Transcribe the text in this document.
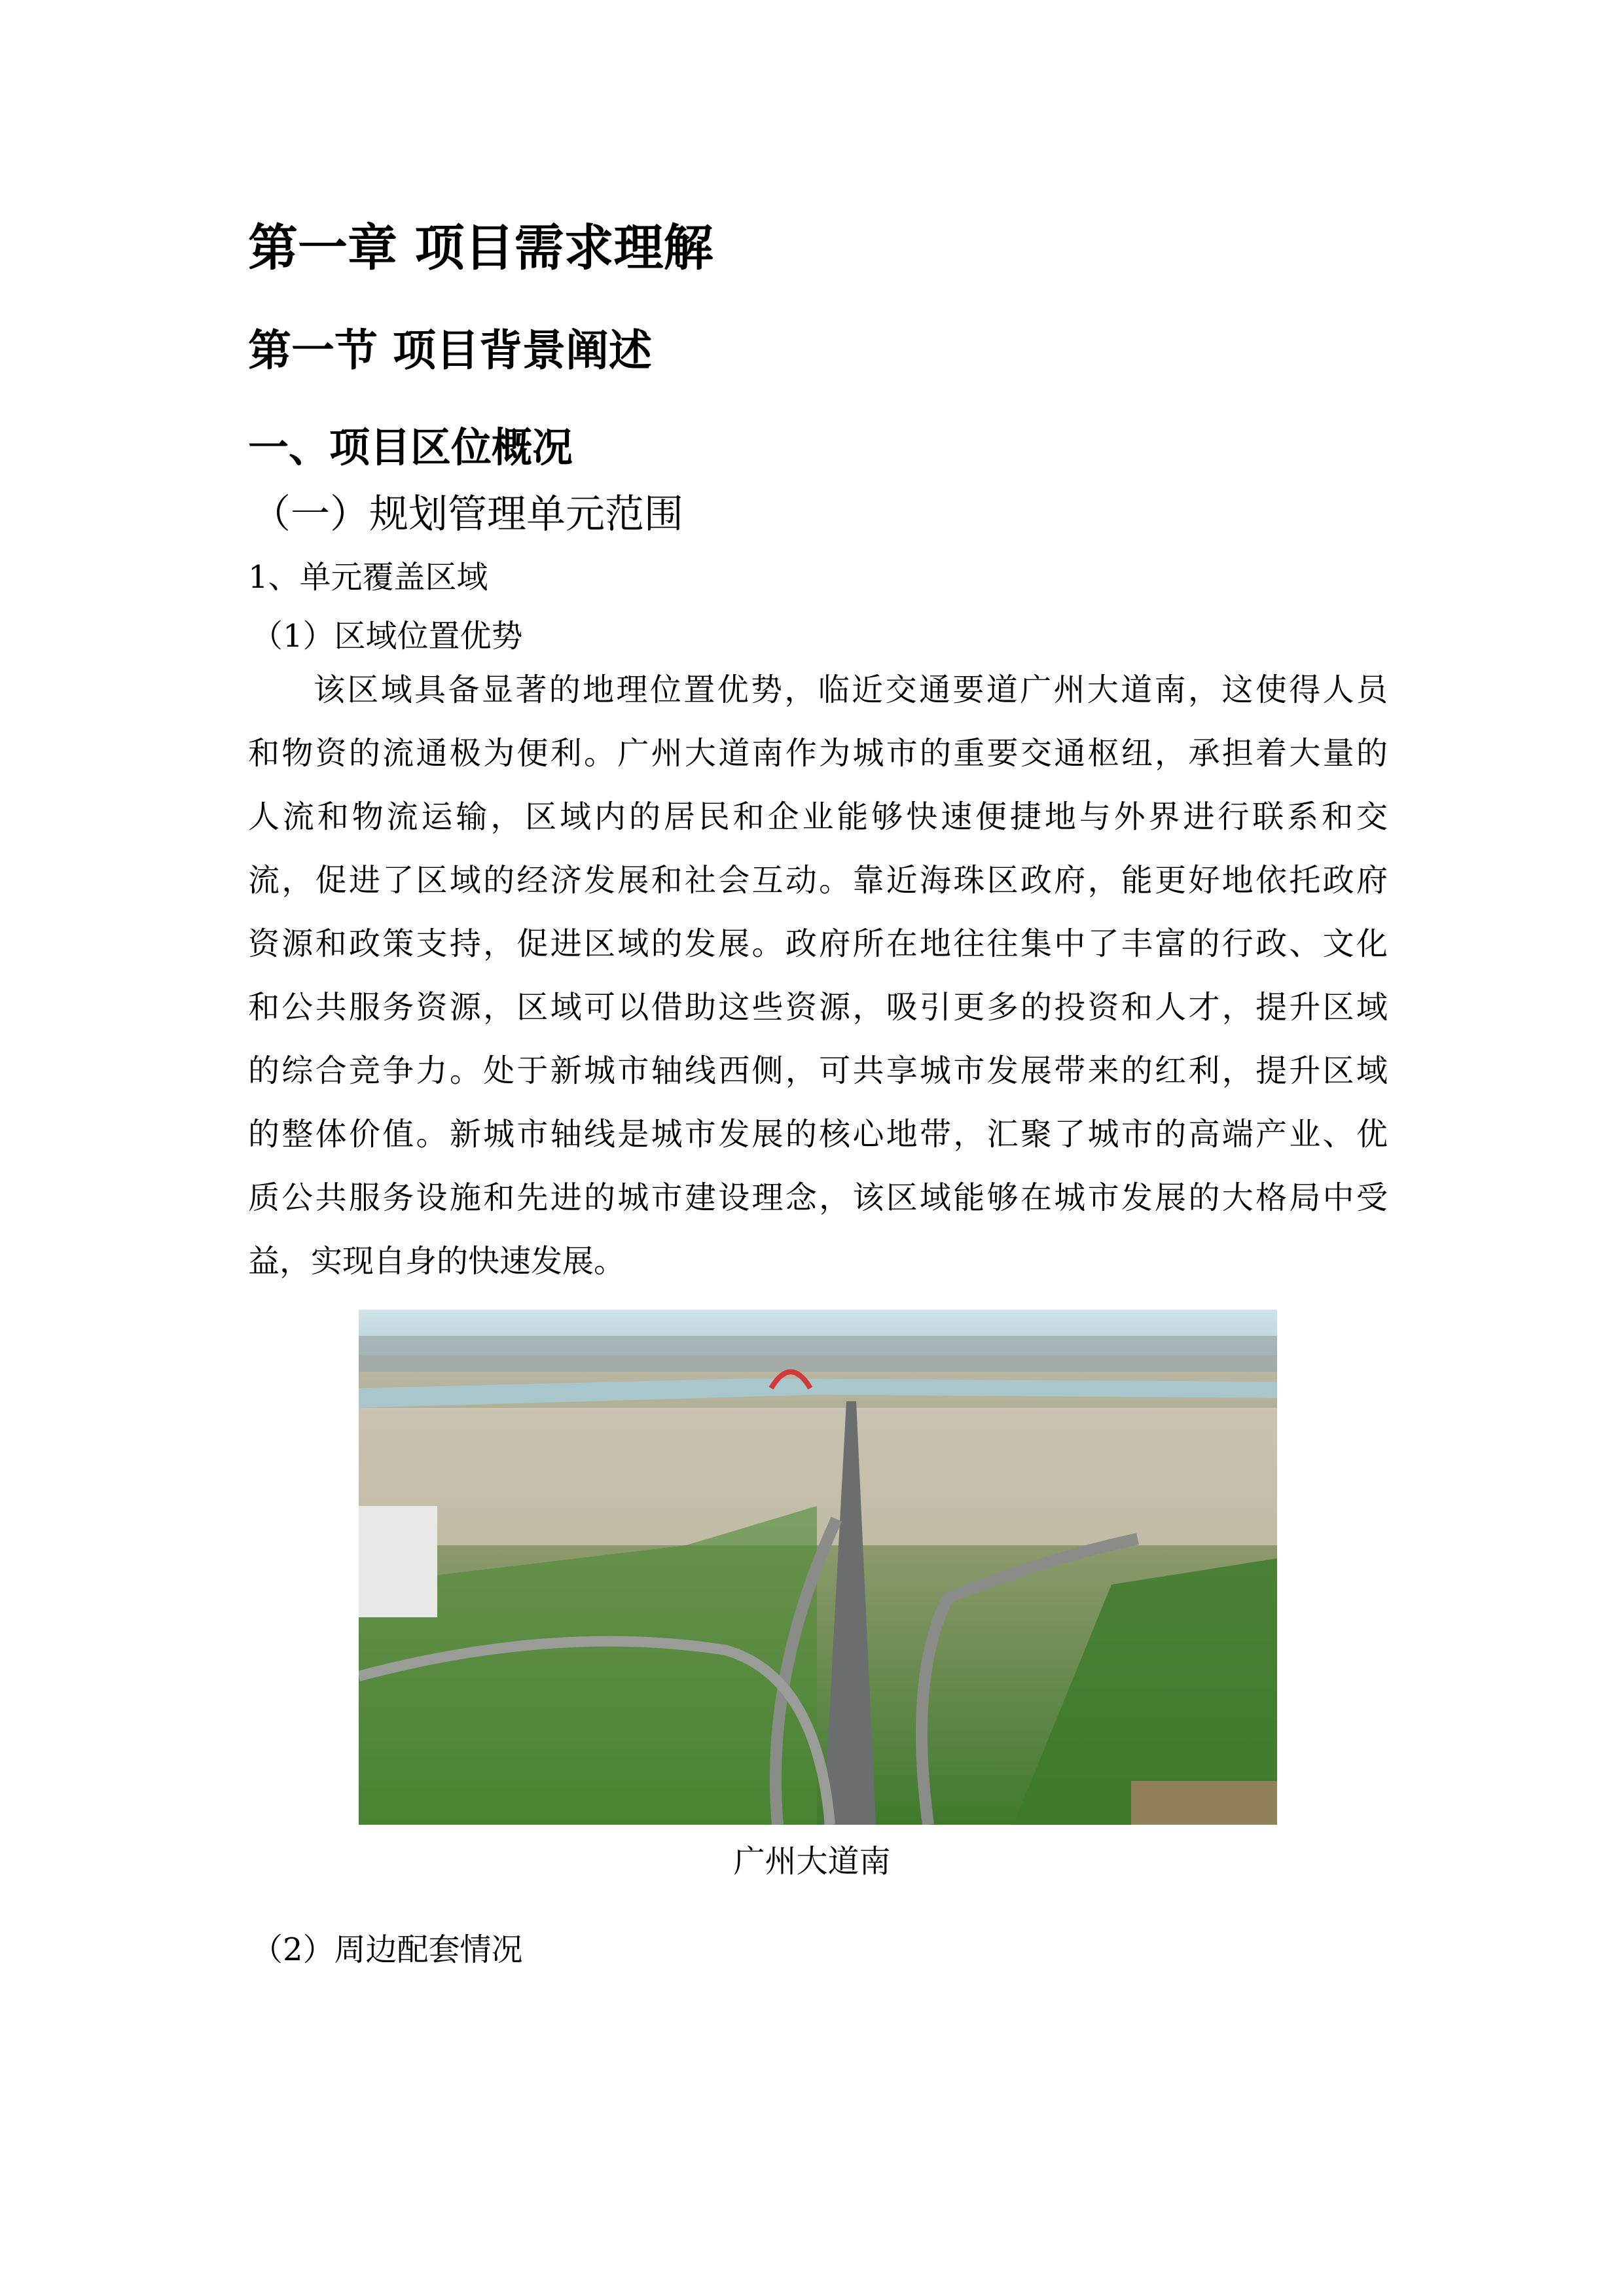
第一章 项目需求理解
第一节 项目背景阐述
一、项目区位概况
（一）规划管理单元范围
1、单元覆盖区域
（1）区域位置优势
该区域具备显著的地理位置优势，临近交通要道广州大道南，这使得人员
和物资的流通极为便利。广州大道南作为城市的重要交通枢纽，承担着大量的
人流和物流运输，区域内的居民和企业能够快速便捷地与外界进行联系和交
流，促进了区域的经济发展和社会互动。靠近海珠区政府，能更好地依托政府
资源和政策支持，促进区域的发展。政府所在地往往集中了丰富的行政、文化
和公共服务资源，区域可以借助这些资源，吸引更多的投资和人才，提升区域
的综合竞争力。处于新城市轴线西侧，可共享城市发展带来的红利，提升区域
的整体价值。新城市轴线是城市发展的核心地带，汇聚了城市的高端产业、优
质公共服务设施和先进的城市建设理念，该区域能够在城市发展的大格局中受
益，实现自身的快速发展。
广州大道南
（2）周边配套情况
